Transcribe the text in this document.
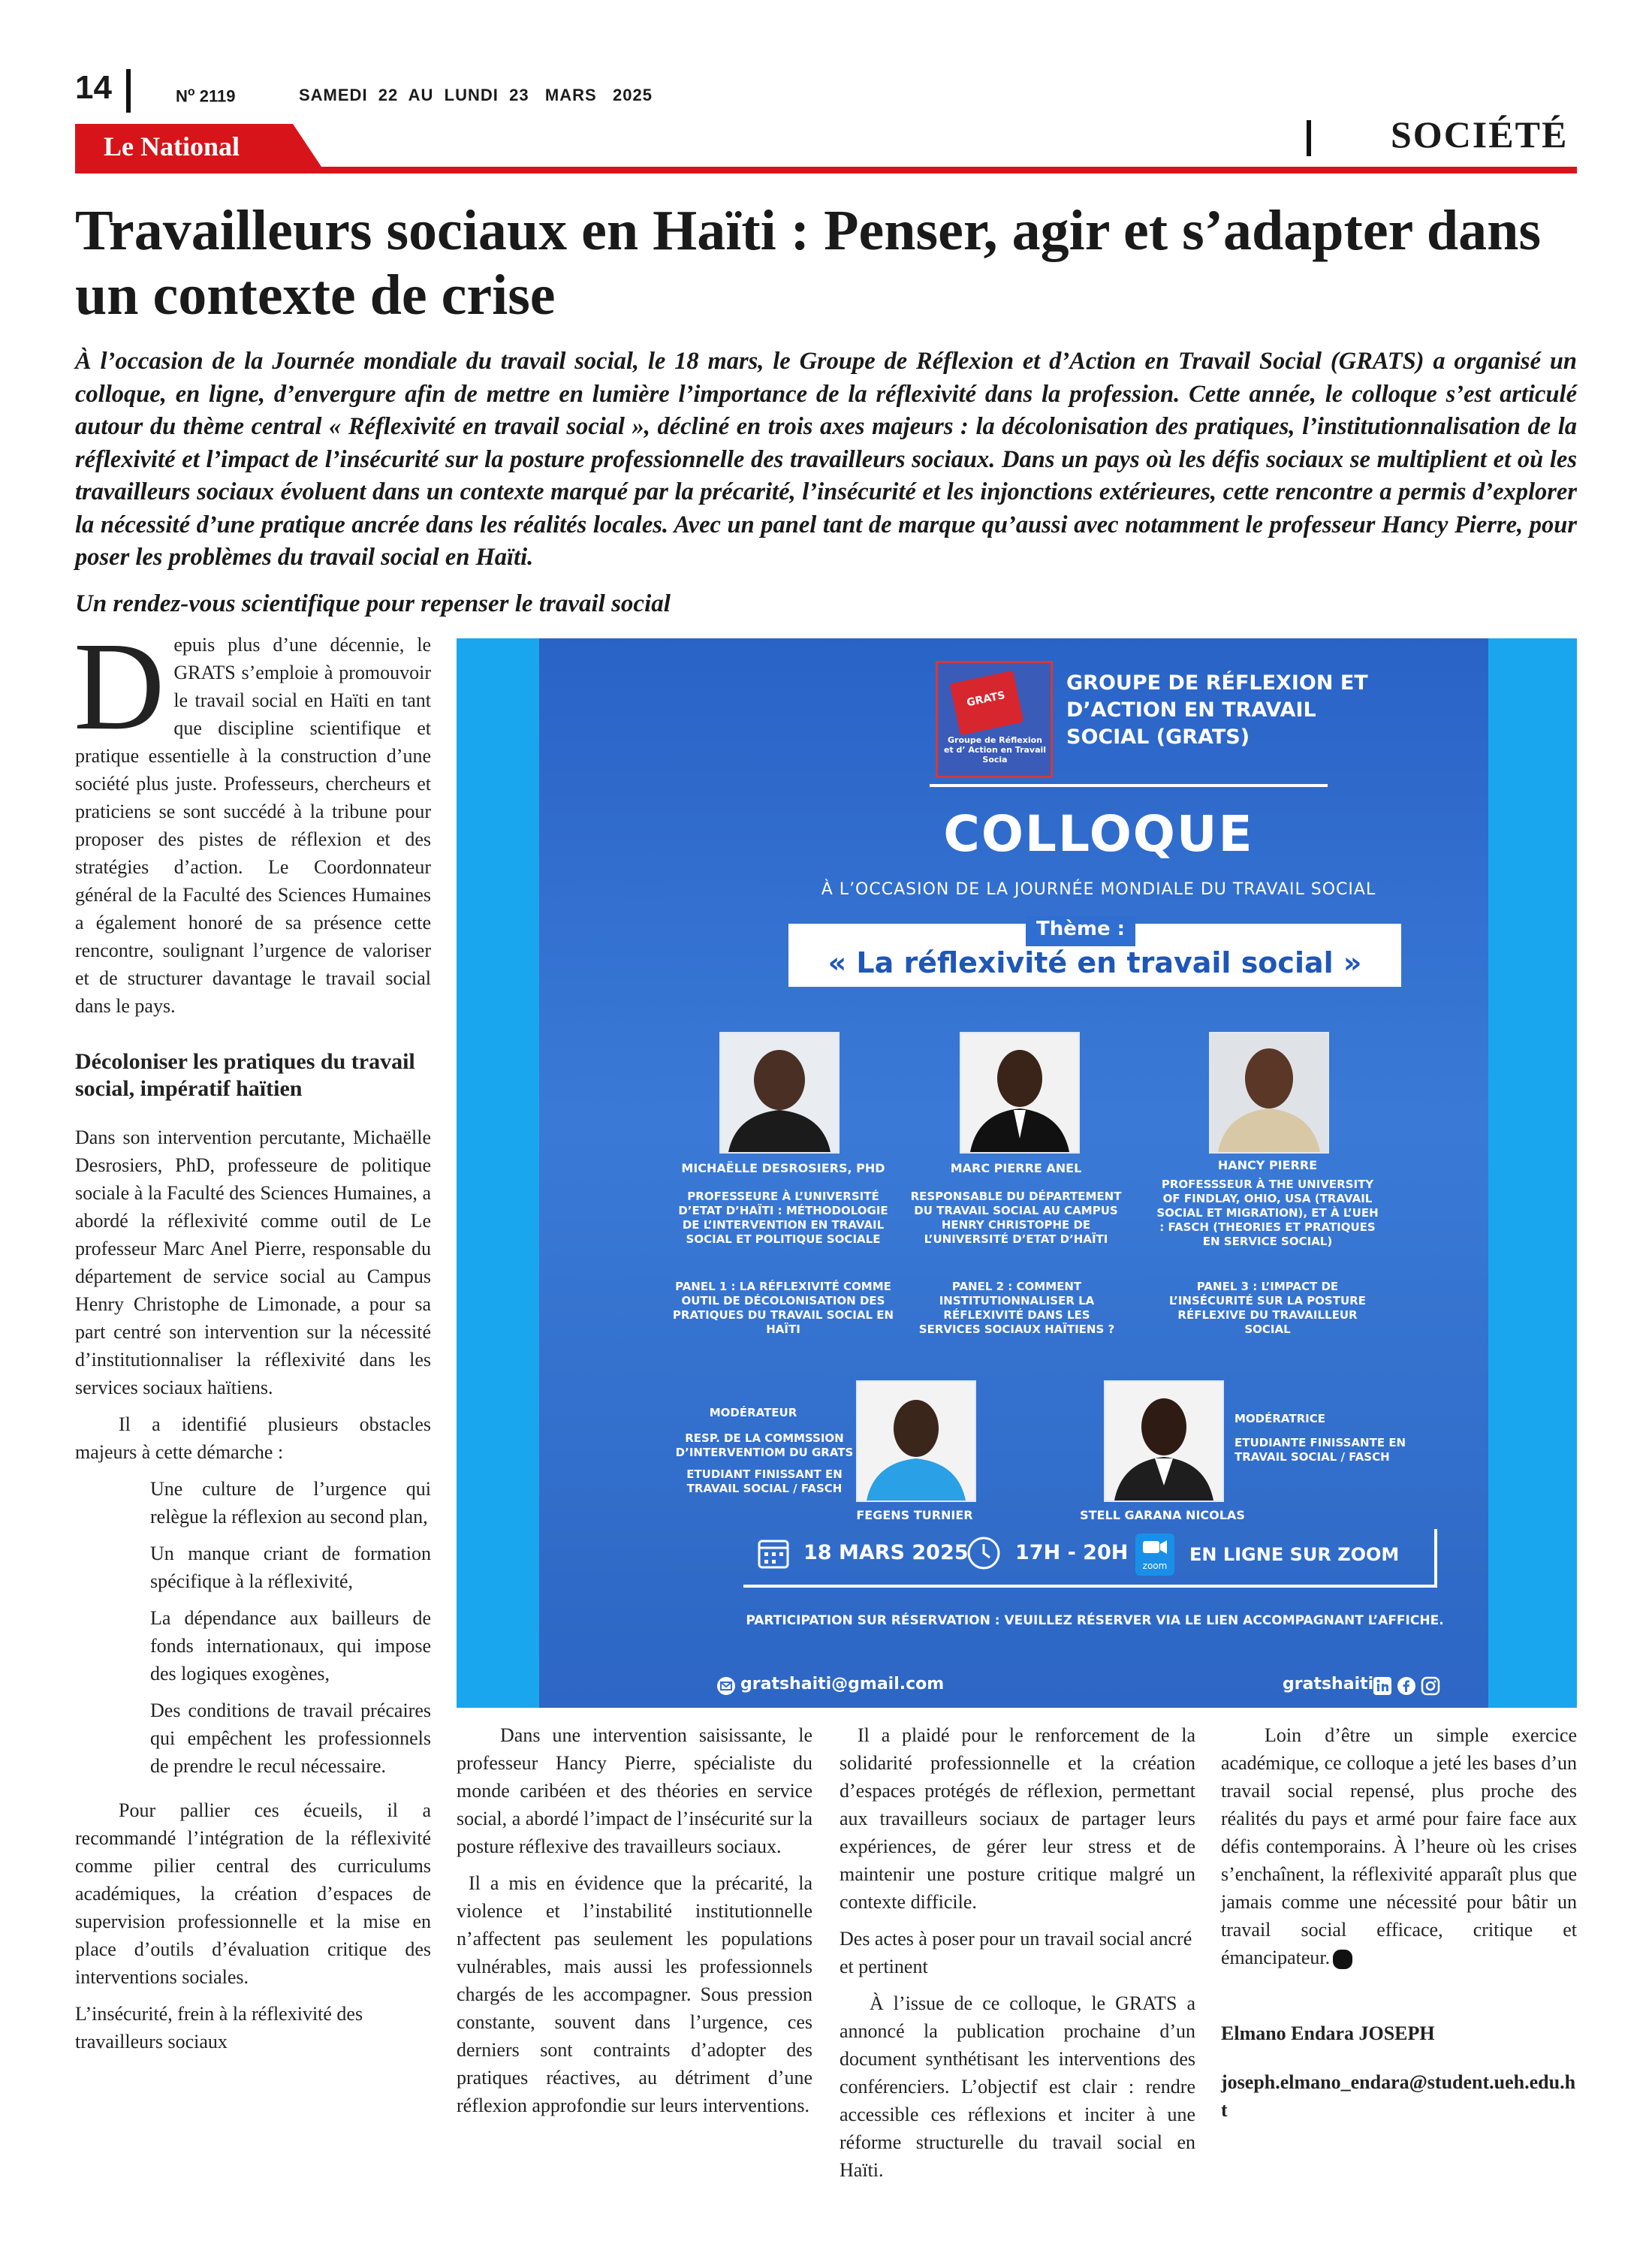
14	$N^o$ 2119	SAMEDI  22  AU  LUNDI  23   MARS   2025
Le National	SOCIÉTÉ
Travailleurs sociaux en Haïti : Penser, agir et s’adapter dans un contexte de crise

À l’occasion de la Journée mondiale du travail social, le 18 mars, le Groupe de Réflexion et d’Action en Travail Social (GRATS) a organisé un colloque, en ligne, d’envergure afin de mettre en lumière l’importance de la réflexivité dans la profession. Cette année, le colloque s’est articulé autour du thème central « Réflexivité en travail social », décliné en trois axes majeurs : la décolonisation des pratiques, l’institutionnalisation de la réflexivité et l’impact de l’insécurité sur la posture professionnelle des travailleurs sociaux. Dans un pays où les défis sociaux se multiplient et où les travailleurs sociaux évoluent dans un contexte marqué par la précarité, l’insécurité et les injonctions extérieures, cette rencontre a permis d’explorer la nécessité d’une pratique ancrée dans les réalités locales. Avec un panel tant de marque qu’aussi avec notamment le professeur Hancy Pierre, pour poser les problèmes du travail social en Haïti.

Un rendez-vous scientifique pour repenser le travail social

Depuis plus d’une décennie, le GRATS s’emploie à promouvoir le travail social en Haïti en tant que discipline scientifique et pratique essentielle à la construction d’une société plus juste. Professeurs, chercheurs et praticiens se sont succédé à la tribune pour proposer des pistes de réflexion et des stratégies d’action. Le Coordonnateur général de la Faculté des Sciences Humaines a également honoré de sa présence cette rencontre, soulignant l’urgence de valoriser et de structurer davantage le travail social dans le pays.

Décoloniser les pratiques du travail social, impératif haïtien

Dans son intervention percutante, Michaëlle Desrosiers, PhD, professeure de politique sociale à la Faculté des Sciences Humaines, a abordé la réflexivité comme outil de Le professeur Marc Anel Pierre, responsable du département de service social au Campus Henry Christophe de Limonade, a pour sa part centré son intervention sur la nécessité d’institutionnaliser la réflexivité dans les services sociaux haïtiens.

Il a identifié plusieurs obstacles majeurs à cette démarche :

Une culture de l’urgence qui relègue la réflexion au second plan,
Un manque criant de formation spécifique à la réflexivité,
La dépendance aux bailleurs de fonds internationaux, qui impose des logiques exogènes,
Des conditions de travail précaires qui empêchent les professionnels de prendre le recul nécessaire.

Pour pallier ces écueils, il a recommandé l’intégration de la réflexivité comme pilier central des curriculums académiques, la création d’espaces de supervision professionnelle et la mise en place d’outils d’évaluation critique des interventions sociales.

L’insécurité, frein à la réflexivité des travailleurs sociaux

GRATS
Groupe de Réflexion et d’ Action en Travail Socia
GROUPE DE RÉFLEXION ET D’ACTION EN TRAVAIL SOCIAL (GRATS)
COLLOQUE
À L’OCCASION DE LA JOURNÉE MONDIALE DU TRAVAIL SOCIAL
Thème :
« La réflexivité en travail social »
MICHAËLLE DESROSIERS, PHD
PROFESSEURE À L’UNIVERSITÉ D’ETAT D’HAÏTI : MÉTHODOLOGIE DE L’INTERVENTION EN TRAVAIL SOCIAL ET POLITIQUE SOCIALE
MARC PIERRE ANEL
RESPONSABLE DU DÉPARTEMENT DU TRAVAIL SOCIAL AU CAMPUS HENRY CHRISTOPHE DE L’UNIVERSITÉ D’ETAT D’HAÏTI
HANCY PIERRE
PROFESSSEUR À THE UNIVERSITY OF FINDLAY, OHIO, USA (TRAVAIL SOCIAL ET MIGRATION), ET À L’UEH : FASCH (THEORIES ET PRATIQUES EN SERVICE SOCIAL)
PANEL 1 : LA RÉFLEXIVITÉ COMME OUTIL DE DÉCOLONISATION DES PRATIQUES DU TRAVAIL SOCIAL EN HAÏTI
PANEL 2 : COMMENT INSTITUTIONNALISER LA RÉFLEXIVITÉ DANS LES SERVICES SOCIAUX HAÏTIENS ?
PANEL 3 : L’IMPACT DE L’INSÉCURITÉ SUR LA POSTURE RÉFLEXIVE DU TRAVAILLEUR SOCIAL
MODÉRATEUR
RESP. DE LA COMMSSION D’INTERVENTIOM DU GRATS
ETUDIANT FINISSANT EN TRAVAIL SOCIAL / FASCH
FEGENS TURNIER
MODÉRATRICE
ETUDIANTE FINISSANTE EN TRAVAIL SOCIAL / FASCH
STELL GARANA NICOLAS
18 MARS 2025 17H - 20H
zoom
EN LIGNE SUR ZOOM
PARTICIPATION SUR RÉSERVATION : VEUILLEZ RÉSERVER VIA LE LIEN ACCOMPAGNANT L’AFFICHE.
gratshaiti@gmail.com	gratshaiti

Dans une intervention saisissante, le professeur Hancy Pierre, spécialiste du monde caribéen et des théories en service social, a abordé l’impact de l’insécurité sur la posture réflexive des travailleurs sociaux.

Il a mis en évidence que la précarité, la violence et l’instabilité institutionnelle n’affectent pas seulement les populations vulnérables, mais aussi les professionnels chargés de les accompagner. Sous pression constante, souvent dans l’urgence, ces derniers sont contraints d’adopter des pratiques réactives, au détriment d’une réflexion approfondie sur leurs interventions.

Il a plaidé pour le renforcement de la solidarité professionnelle et la création d’espaces protégés de réflexion, permettant aux travailleurs sociaux de partager leurs expériences, de gérer leur stress et de maintenir une posture critique malgré un contexte difficile.

Des actes à poser pour un travail social ancré et pertinent

À l’issue de ce colloque, le GRATS a annoncé la publication prochaine d’un document synthétisant les interventions des conférenciers. L’objectif est clair : rendre accessible ces réflexions et inciter à une réforme structurelle du travail social en Haïti.

Loin d’être un simple exercice académique, ce colloque a jeté les bases d’un travail social repensé, plus proche des réalités du pays et armé pour faire face aux défis contemporains. À l’heure où les crises s’enchaînent, la réflexivité apparaît plus que jamais comme une nécessité pour bâtir un travail social efficace, critique et émancipateur.

Elmano Endara JOSEPH

joseph.elmano_endara@student.ueh.edu.ht
